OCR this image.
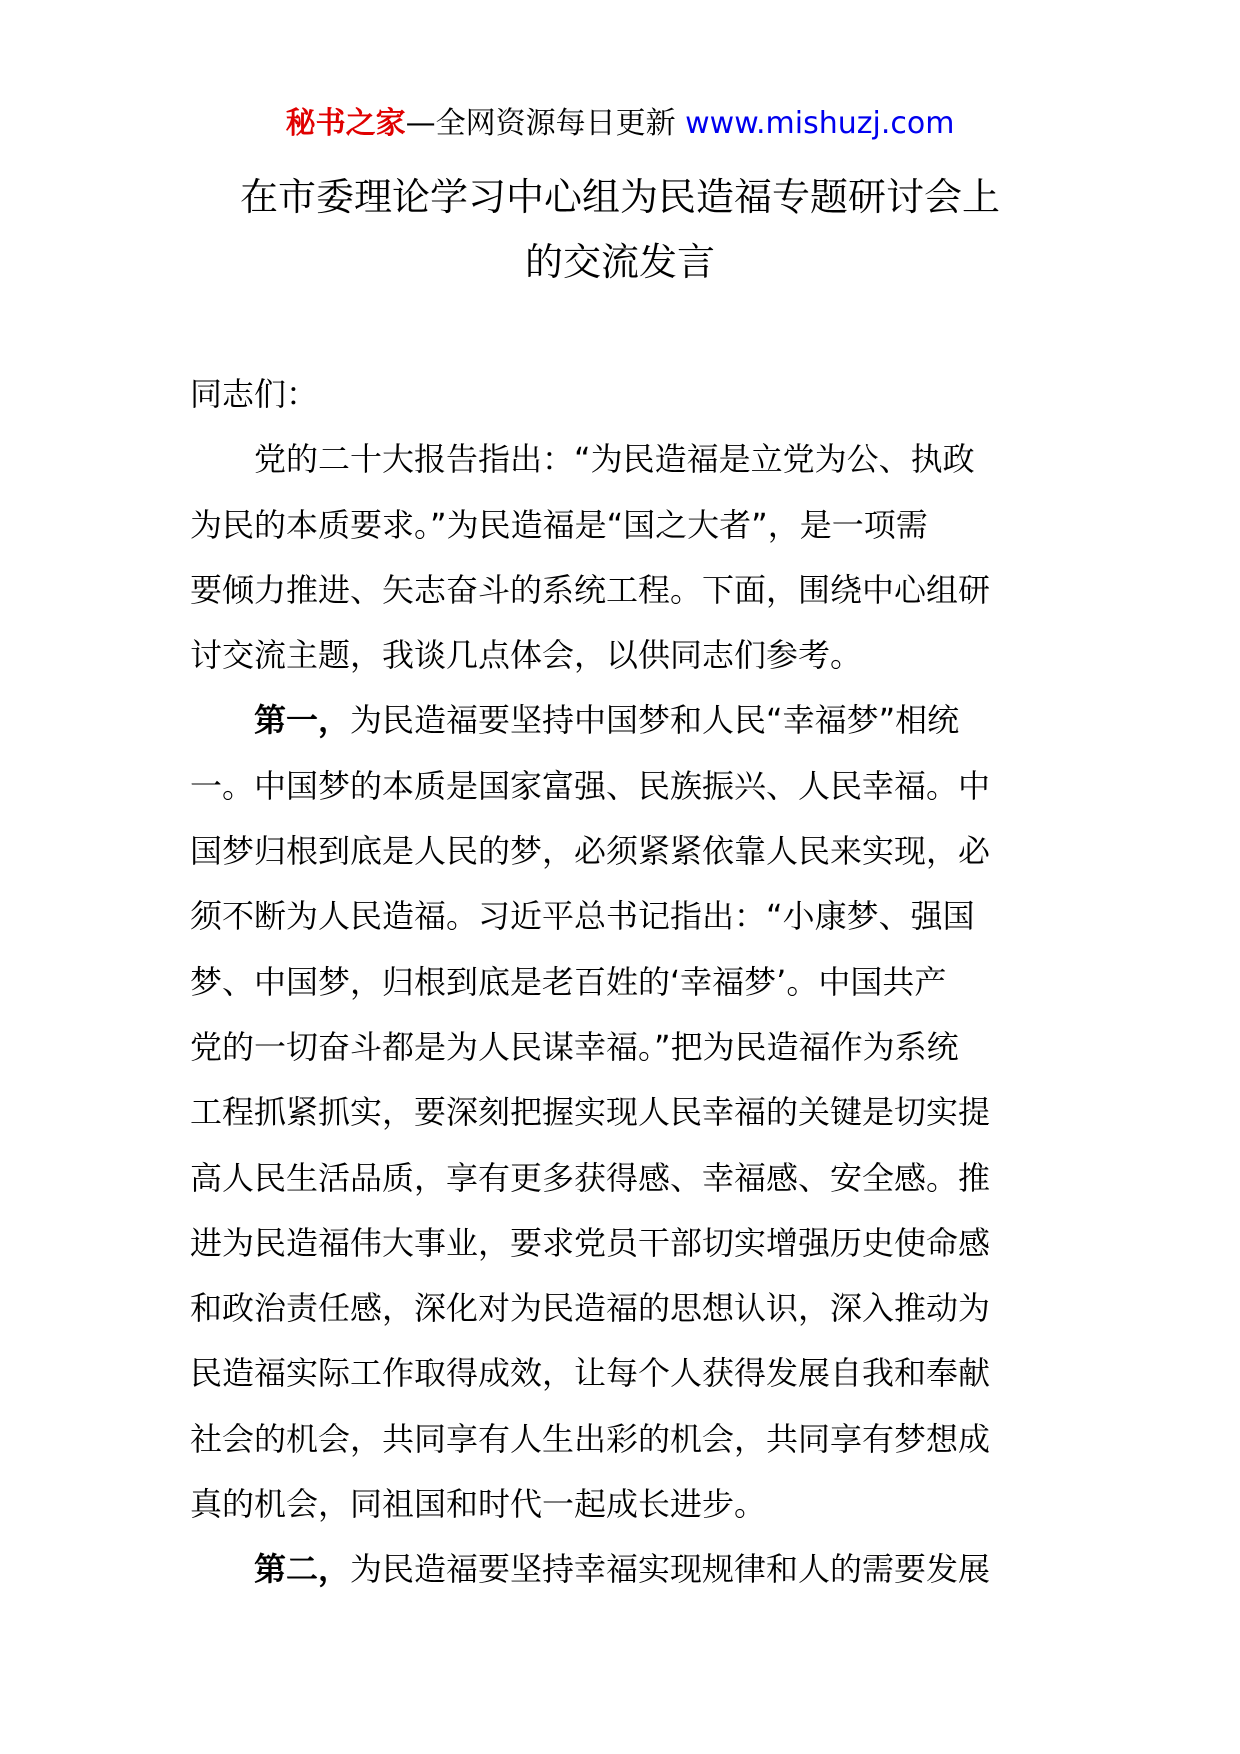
秘书之家—全网资源每日更新 www.mishuzj.com
在市委理论学习中心组为民造福专题研讨会上
的交流发言
同志们：
党的二十大报告指出：“为民造福是立党为公、执政
为民的本质要求。”为民造福是“国之大者”，是一项需
要倾力推进、矢志奋斗的系统工程。下面，围绕中心组研
讨交流主题，我谈几点体会，以供同志们参考。
第一，为民造福要坚持中国梦和人民“幸福梦”相统
一。中国梦的本质是国家富强、民族振兴、人民幸福。中
国梦归根到底是人民的梦，必须紧紧依靠人民来实现，必
须不断为人民造福。习近平总书记指出：“小康梦、强国
梦、中国梦，归根到底是老百姓的‘幸福梦’。中国共产
党的一切奋斗都是为人民谋幸福。”把为民造福作为系统
工程抓紧抓实，要深刻把握实现人民幸福的关键是切实提
高人民生活品质，享有更多获得感、幸福感、安全感。推
进为民造福伟大事业，要求党员干部切实增强历史使命感
和政治责任感，深化对为民造福的思想认识，深入推动为
民造福实际工作取得成效，让每个人获得发展自我和奉献
社会的机会，共同享有人生出彩的机会，共同享有梦想成
真的机会，同祖国和时代一起成长进步。
第二，为民造福要坚持幸福实现规律和人的需要发展
